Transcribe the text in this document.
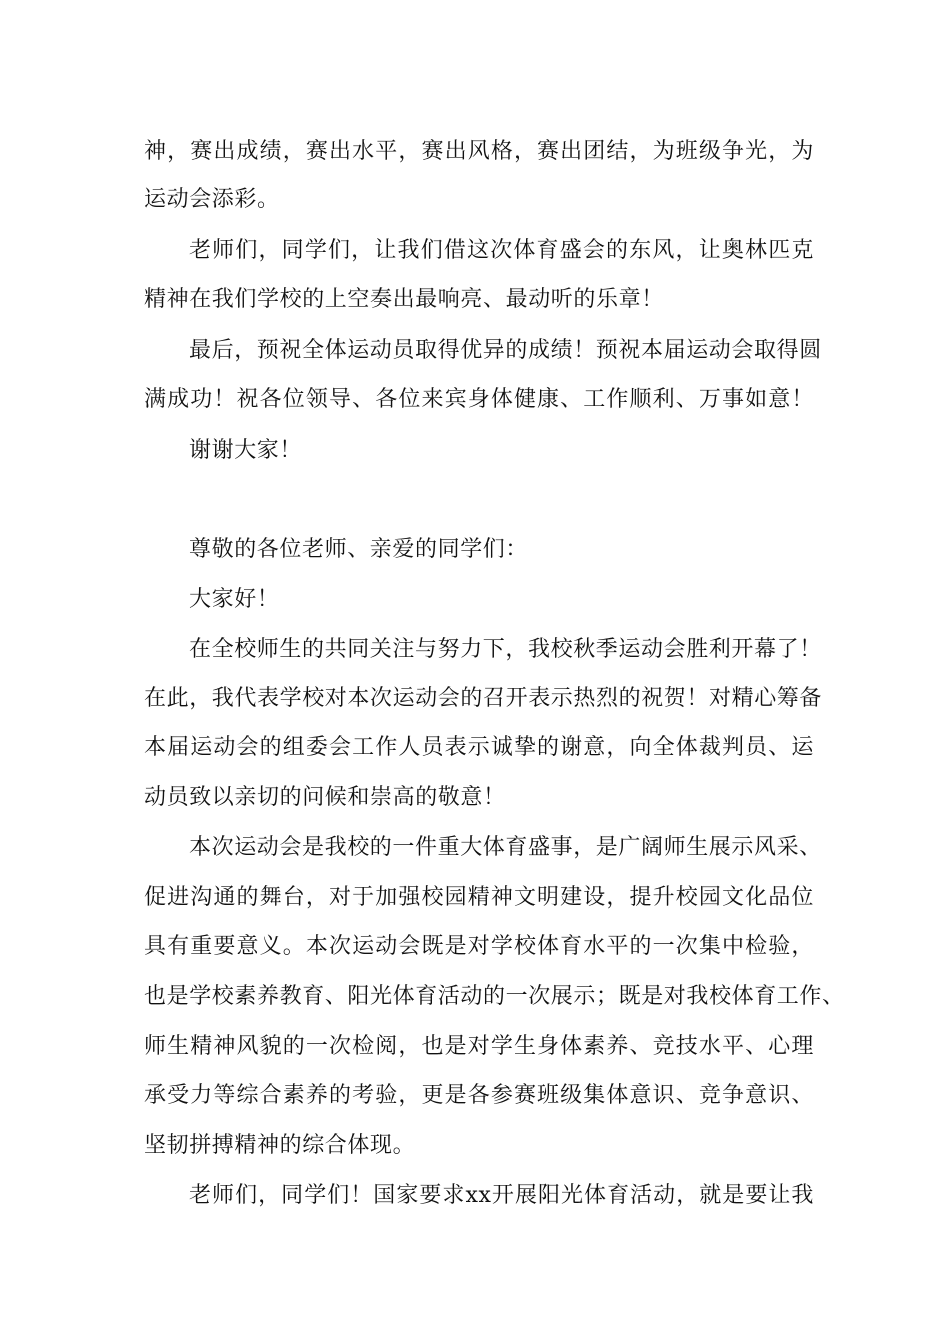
神，赛出成绩，赛出水平，赛出风格，赛出团结，为班级争光，为
运动会添彩。
老师们，同学们，让我们借这次体育盛会的东风，让奥林匹克
精神在我们学校的上空奏出最响亮、最动听的乐章！
最后，预祝全体运动员取得优异的成绩！预祝本届运动会取得圆
满成功！祝各位领导、各位来宾身体健康、工作顺利、万事如意！
谢谢大家！
尊敬的各位老师、亲爱的同学们：
大家好！
在全校师生的共同关注与努力下，我校秋季运动会胜利开幕了！
在此，我代表学校对本次运动会的召开表示热烈的祝贺！对精心筹备
本届运动会的组委会工作人员表示诚挚的谢意，向全体裁判员、运
动员致以亲切的问候和崇高的敬意！
本次运动会是我校的一件重大体育盛事，是广阔师生展示风采、
促进沟通的舞台，对于加强校园精神文明建设，提升校园文化品位
具有重要意义。本次运动会既是对学校体育水平的一次集中检验，
也是学校素养教育、阳光体育活动的一次展示；既是对我校体育工作、
师生精神风貌的一次检阅，也是对学生身体素养、竞技水平、心理
承受力等综合素养的考验，更是各参赛班级集体意识、竞争意识、
坚韧拼搏精神的综合体现。
老师们，同学们！国家要求xx开展阳光体育活动，就是要让我
